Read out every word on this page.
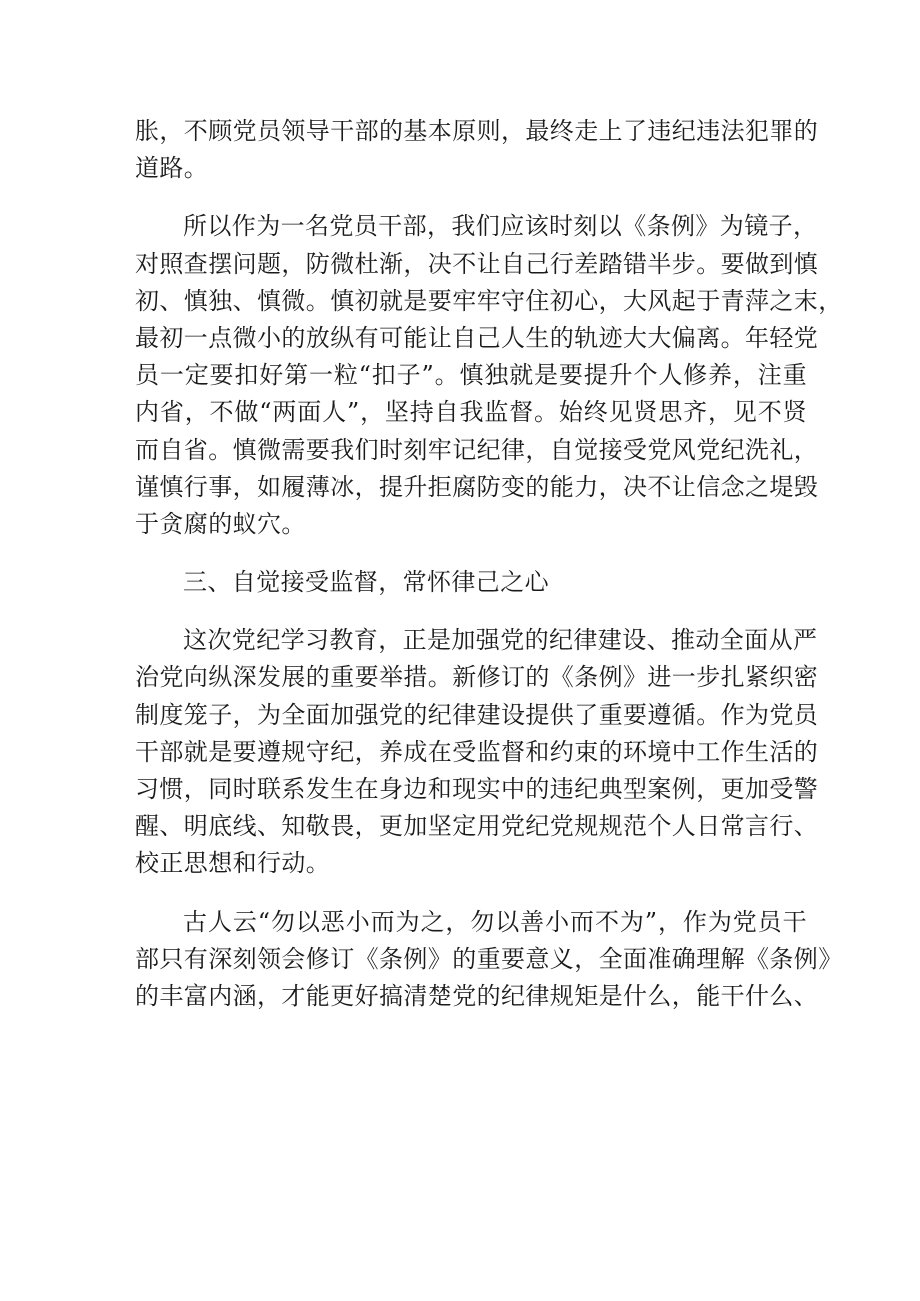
胀，不顾党员领导干部的基本原则，最终走上了违纪违法犯罪的
道路。

所以作为一名党员干部，我们应该时刻以《条例》为镜子，
对照查摆问题，防微杜渐，决不让自己行差踏错半步。要做到慎
初、慎独、慎微。慎初就是要牢牢守住初心，大风起于青萍之末，
最初一点微小的放纵有可能让自己人生的轨迹大大偏离。年轻党
员一定要扣好第一粒“扣子”。慎独就是要提升个人修养，注重
内省，不做“两面人”，坚持自我监督。始终见贤思齐，见不贤
而自省。慎微需要我们时刻牢记纪律，自觉接受党风党纪洗礼，
谨慎行事，如履薄冰，提升拒腐防变的能力，决不让信念之堤毁
于贪腐的蚁穴。

三、自觉接受监督，常怀律己之心

这次党纪学习教育，正是加强党的纪律建设、推动全面从严
治党向纵深发展的重要举措。新修订的《条例》进一步扎紧织密
制度笼子，为全面加强党的纪律建设提供了重要遵循。作为党员
干部就是要遵规守纪，养成在受监督和约束的环境中工作生活的
习惯，同时联系发生在身边和现实中的违纪典型案例，更加受警
醒、明底线、知敬畏，更加坚定用党纪党规规范个人日常言行、
校正思想和行动。

古人云“勿以恶小而为之，勿以善小而不为”，作为党员干
部只有深刻领会修订《条例》的重要意义，全面准确理解《条例》
的丰富内涵，才能更好搞清楚党的纪律规矩是什么，能干什么、
